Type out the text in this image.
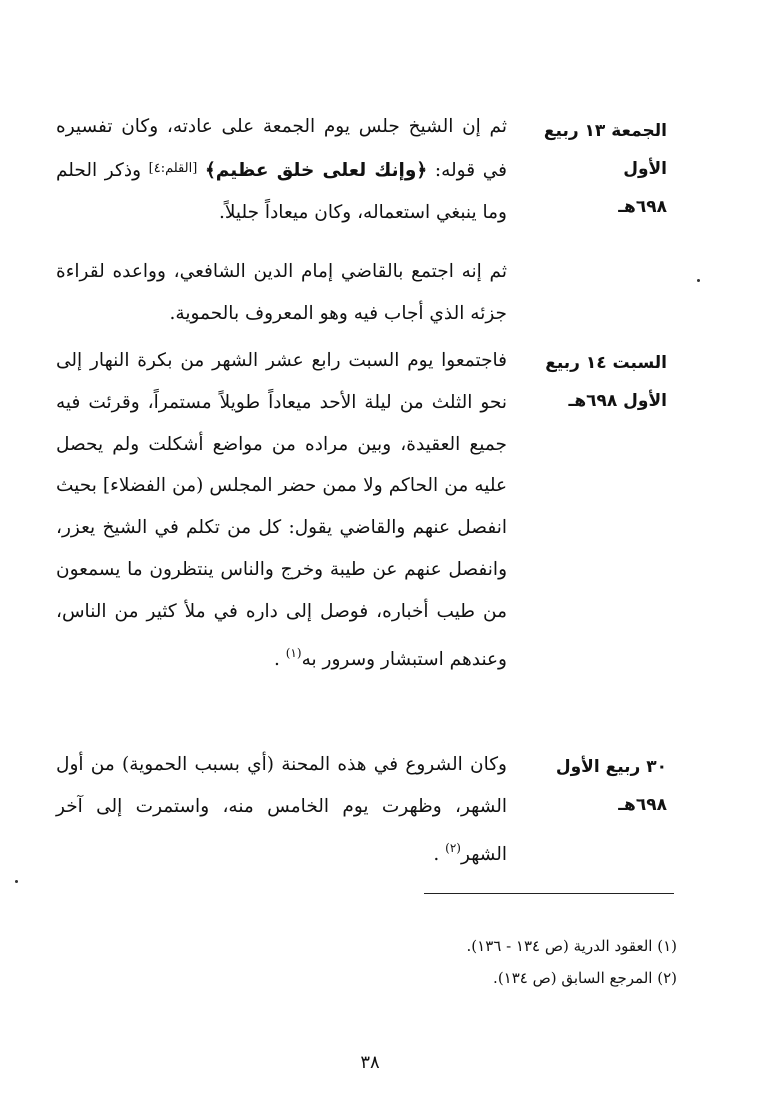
الجمعة ١٣ ربيع الأول
٦٩٨هـ

ثم إن الشيخ جلس يوم الجمعة على عادته، وكان تفسيره في قوله: ﴿وإنك لعلى خلق عظيم﴾ [القلم:٤] وذكر الحلم وما ينبغي استعماله، وكان ميعاداً جليلاً.

ثم إنه اجتمع بالقاضي إمام الدين الشافعي، وواعده لقراءة جزئه الذي أجاب فيه وهو المعروف بالحموية.

السبت ١٤ ربيع
الأول ٦٩٨هـ

فاجتمعوا يوم السبت رابع عشر الشهر من بكرة النهار إلى نحو الثلث من ليلة الأحد ميعاداً طويلاً مستمراً، وقرئت فيه جميع العقيدة، وبين مراده من مواضع أشكلت ولم يحصل عليه من الحاكم ولا ممن حضر المجلس (من الفضلاء] بحيث انفصل عنهم والقاضي يقول: كل من تكلم في الشيخ يعزر، وانفصل عنهم عن طيبة وخرج والناس ينتظرون ما يسمعون من طيب أخباره، فوصل إلى داره في ملأ كثير من الناس، وعندهم استبشار وسرور به$^{(١)}$ .

٣٠ ربيع الأول
٦٩٨هـ

وكان الشروع في هذه المحنة (أي بسبب الحموية) من أول الشهر، وظهرت يوم الخامس منه، واستمرت إلى آخر الشهر$^{(٢)}$ .

(١) العقود الدرية (ص ١٣٤ - ١٣٦).

(٢) المرجع السابق (ص ١٣٤).

٣٨
